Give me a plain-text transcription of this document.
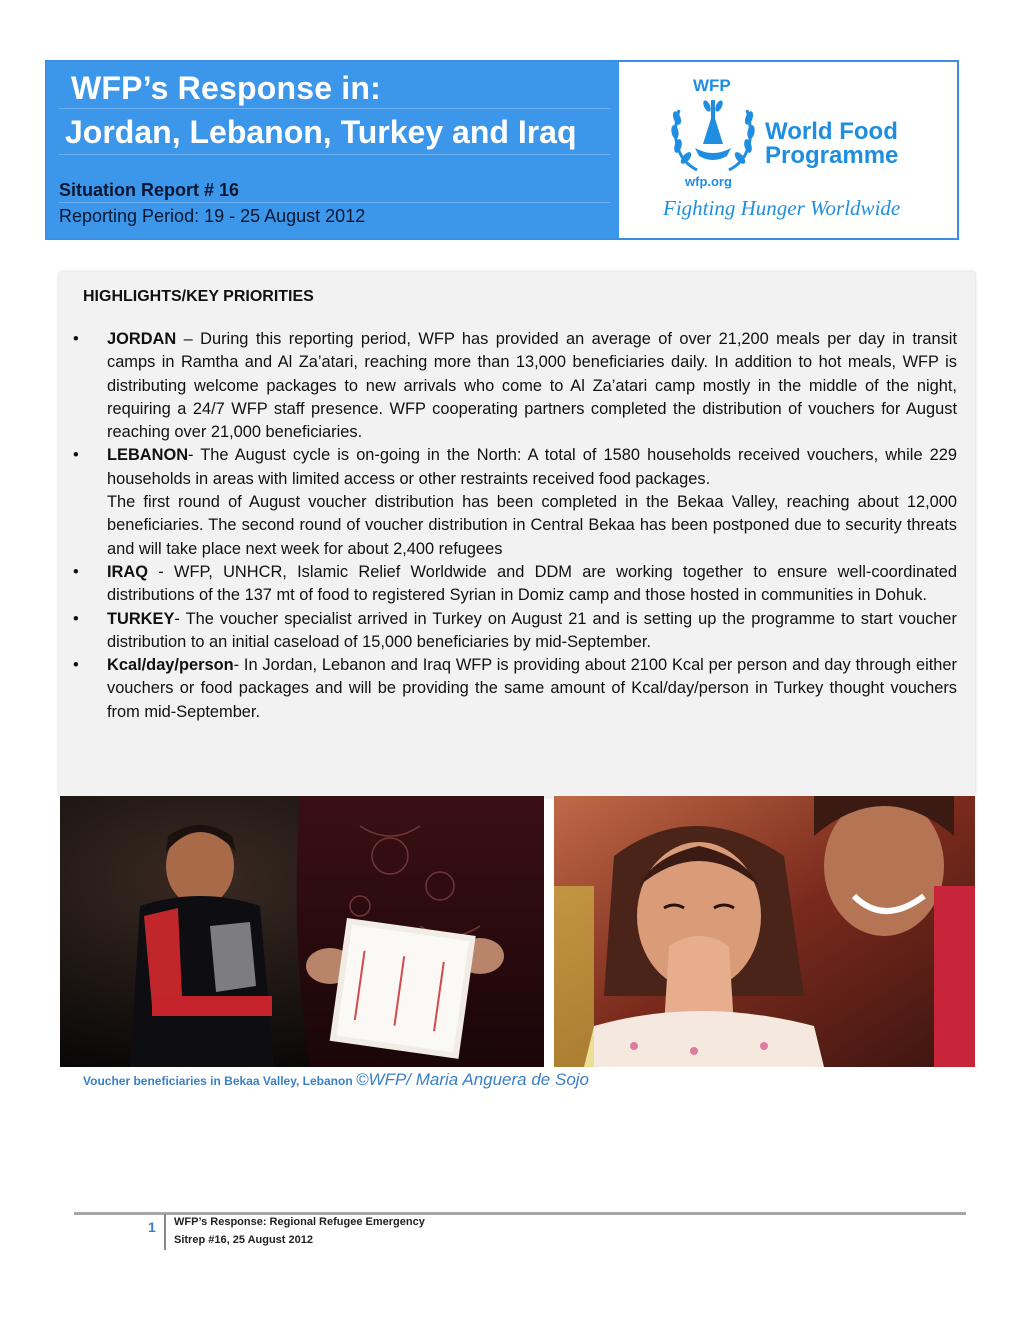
WFP’s Response in:
Jordan, Lebanon, Turkey and Iraq
Situation Report # 16
Reporting Period: 19 - 25 August 2012
WFP
wfp.org
World Food
Programme
Fighting Hunger Worldwide
HIGHLIGHTS/KEY PRIORITIES
• JORDAN – During this reporting period, WFP has provided an average of over 21,200 meals per day in transit camps in Ramtha and Al Za’atari, reaching more than 13,000 beneficiaries daily. In addition to hot meals, WFP is distributing welcome packages to new arrivals who come to Al Za’atari camp mostly in the middle of the night, requiring a 24/7 WFP staff presence. WFP cooperating partners completed the distribution of vouchers for August reaching over 21,000 beneficiaries.
• LEBANON- The August cycle is on-going in the North: A total of 1580 households received vouchers, while 229 households in areas with limited access or other restraints received food packages.
The first round of August voucher distribution has been completed in the Bekaa Valley, reaching about 12,000 beneficiaries. The second round of voucher distribution in Central Bekaa has been postponed due to security threats and will take place next week for about 2,400 refugees
• IRAQ - WFP, UNHCR, Islamic Relief Worldwide and DDM are working together to ensure well-coordinated distributions of the 137 mt of food to registered Syrian in Domiz camp and those hosted in communities in Dohuk.
• TURKEY- The voucher specialist arrived in Turkey on August 21 and is setting up the programme to start voucher distribution to an initial caseload of 15,000 beneficiaries by mid-September.
• Kcal/day/person- In Jordan, Lebanon and Iraq WFP is providing about 2100 Kcal per person and day through either vouchers or food packages and will be providing the same amount of Kcal/day/person in Turkey thought vouchers from mid-September.
Voucher beneficiaries in Bekaa Valley, Lebanon ©WFP/ Maria Anguera de Sojo
1 WFP’s Response: Regional Refugee Emergency
Sitrep #16, 25 August 2012
